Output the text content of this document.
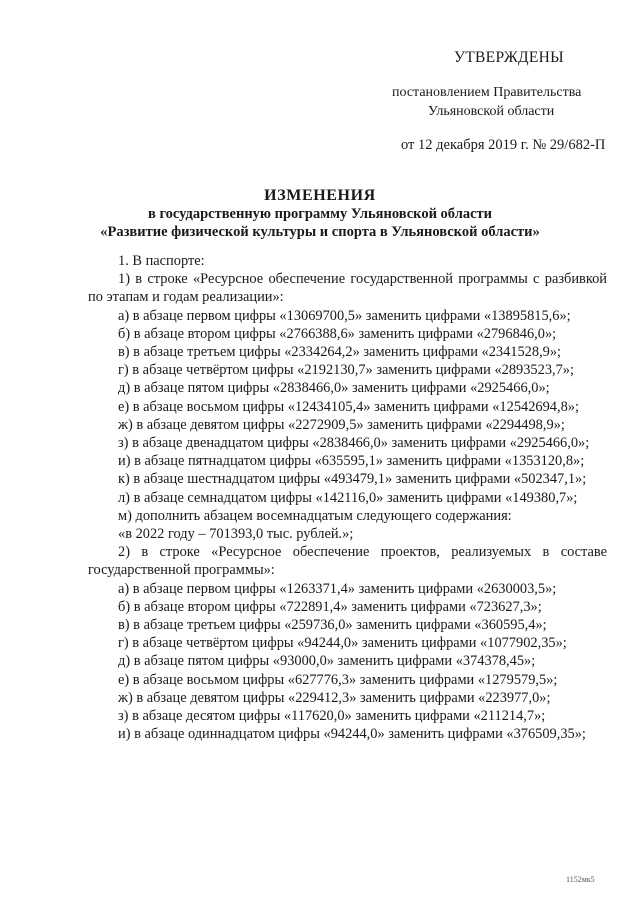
УТВЕРЖДЕНЫ
постановлением Правительства
Ульяновской области
от 12 декабря 2019 г. № 29/682-П
ИЗМЕНЕНИЯ
в государственную программу Ульяновской области
«Развитие физической культуры и спорта в Ульяновской области»

1. В паспорте:

1) в строке «Ресурсное обеспечение государственной программы с разбивкой по этапам и годам реализации»:

а) в абзаце первом цифры «13069700,5» заменить цифрами «13895815,6»;

б) в абзаце втором цифры «2766388,6» заменить цифрами «2796846,0»;

в) в абзаце третьем цифры «2334264,2» заменить цифрами «2341528,9»;

г) в абзаце четвёртом цифры «2192130,7» заменить цифрами «2893523,7»;

д) в абзаце пятом цифры «2838466,0» заменить цифрами «2925466,0»;

е) в абзаце восьмом цифры «12434105,4» заменить цифрами «12542694,8»;

ж) в абзаце девятом цифры «2272909,5» заменить цифрами «2294498,9»;

з) в абзаце двенадцатом цифры «2838466,0» заменить цифрами «2925466,0»;

и) в абзаце пятнадцатом цифры «635595,1» заменить цифрами «1353120,8»;

к) в абзаце шестнадцатом цифры «493479,1» заменить цифрами «502347,1»;

л) в абзаце семнадцатом цифры «142116,0» заменить цифрами «149380,7»;

м) дополнить абзацем восемнадцатым следующего содержания:

«в 2022 году – 701393,0 тыс. рублей.»;

2) в строке «Ресурсное обеспечение проектов, реализуемых в составе государственной программы»:

а) в абзаце первом цифры «1263371,4» заменить цифрами «2630003,5»;

б) в абзаце втором цифры «722891,4» заменить цифрами «723627,3»;

в) в абзаце третьем цифры «259736,0» заменить цифрами «360595,4»;

г) в абзаце четвёртом цифры «94244,0» заменить цифрами «1077902,35»;

д) в абзаце пятом цифры «93000,0» заменить цифрами «374378,45»;

е) в абзаце восьмом цифры «627776,3» заменить цифрами «1279579,5»;

ж) в абзаце девятом цифры «229412,3» заменить цифрами «223977,0»;

з) в абзаце десятом цифры «117620,0» заменить цифрами «211214,7»;

и) в абзаце одиннадцатом цифры «94244,0» заменить цифрами «376509,35»;

1152мк5
